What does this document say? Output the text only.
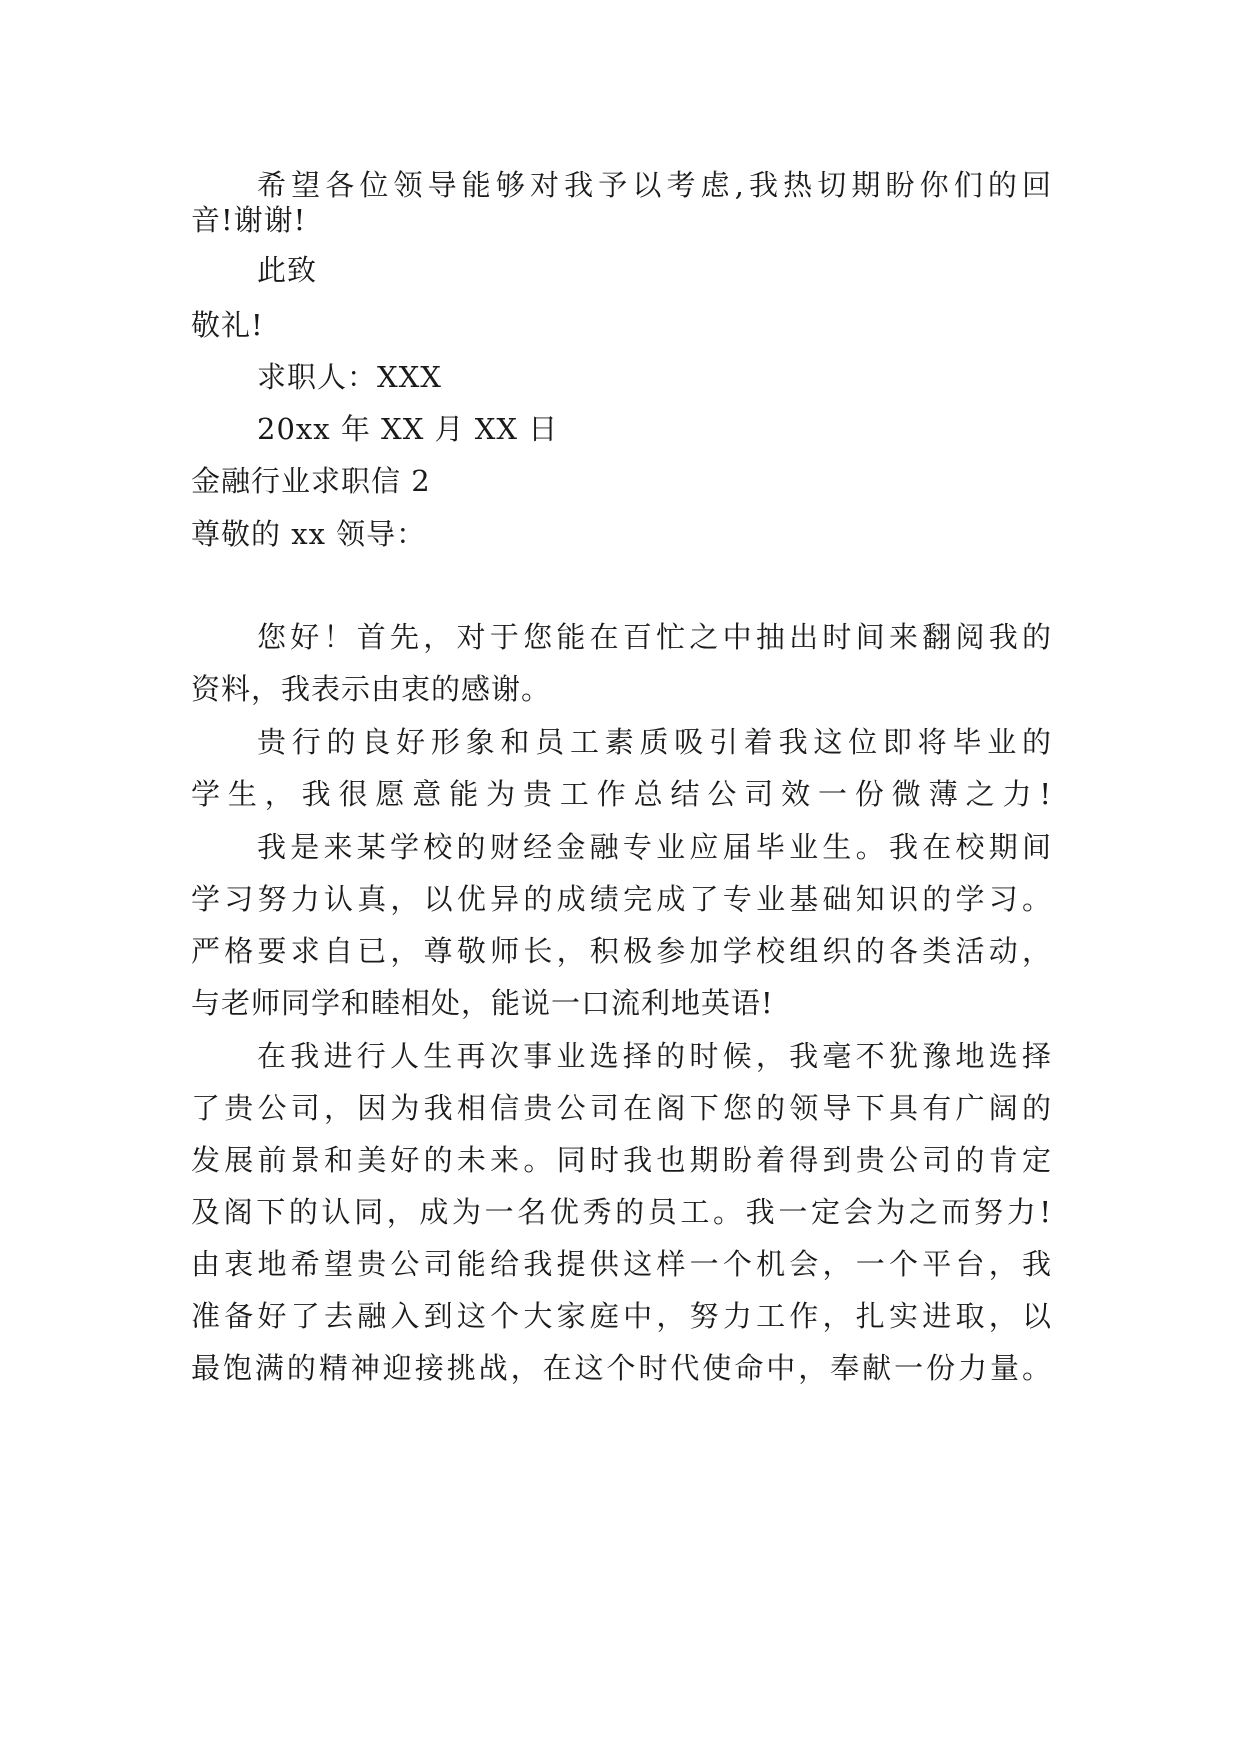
希望各位领导能够对我予以考虑,我热切期盼你们的回
音!谢谢!
此致
敬礼!
求职人：XXX
20xx 年 XX 月 XX 日
金融行业求职信 2
尊敬的 xx 领导：
您好！首先，对于您能在百忙之中抽出时间来翻阅我的
资料，我表示由衷的感谢。
贵行的良好形象和员工素质吸引着我这位即将毕业的
学生，我很愿意能为贵工作总结公司效一份微薄之力!
我是来某学校的财经金融专业应届毕业生。我在校期间
学习努力认真，以优异的成绩完成了专业基础知识的学习。
严格要求自已，尊敬师长，积极参加学校组织的各类活动，
与老师同学和睦相处，能说一口流利地英语!
在我进行人生再次事业选择的时候，我毫不犹豫地选择
了贵公司，因为我相信贵公司在阁下您的领导下具有广阔的
发展前景和美好的未来。同时我也期盼着得到贵公司的肯定
及阁下的认同，成为一名优秀的员工。我一定会为之而努力!
由衷地希望贵公司能给我提供这样一个机会，一个平台，我
准备好了去融入到这个大家庭中，努力工作，扎实进取，以
最饱满的精神迎接挑战，在这个时代使命中，奉献一份力量。
